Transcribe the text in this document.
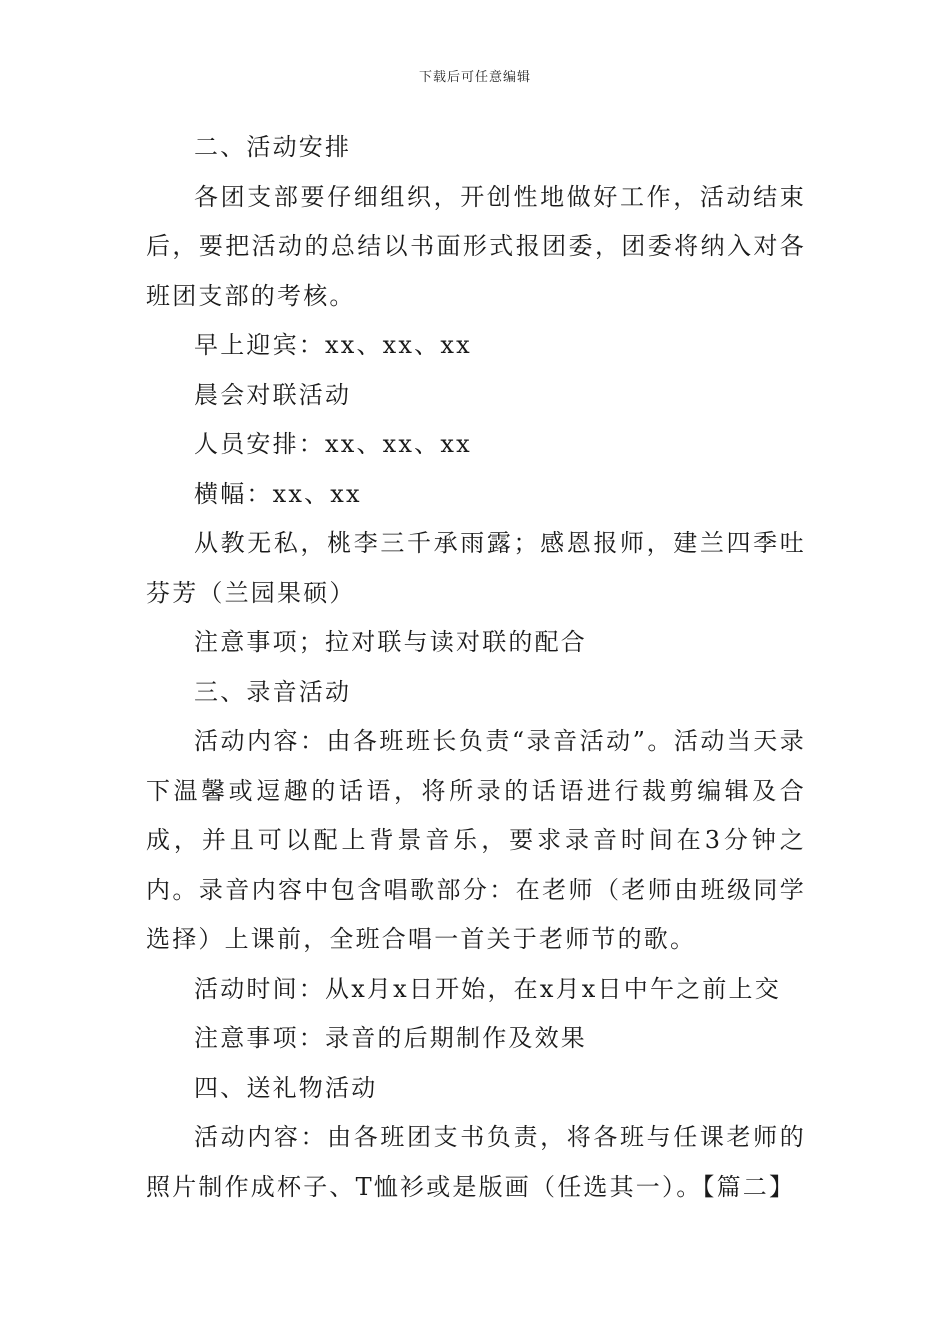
下载后可任意编辑

二、活动安排

各团支部要仔细组织，开创性地做好工作，活动结束后，要把活动的总结以书面形式报团委，团委将纳入对各班团支部的考核。

早上迎宾：xx、xx、xx

晨会对联活动

人员安排：xx、xx、xx

横幅：xx、xx

从教无私，桃李三千承雨露；感恩报师，建兰四季吐芬芳（兰园果硕）

注意事项；拉对联与读对联的配合

三、录音活动

活动内容：由各班班长负责“录音活动”。活动当天录下温馨或逗趣的话语，将所录的话语进行裁剪编辑及合成，并且可以配上背景音乐，要求录音时间在3分钟之内。录音内容中包含唱歌部分：在老师（老师由班级同学选择）上课前，全班合唱一首关于老师节的歌。

活动时间：从x月x日开始，在x月x日中午之前上交

注意事项：录音的后期制作及效果

四、送礼物活动

活动内容：由各班团支书负责，将各班与任课老师的照片制作成杯子、T恤衫或是版画（任选其一）。【篇二】
